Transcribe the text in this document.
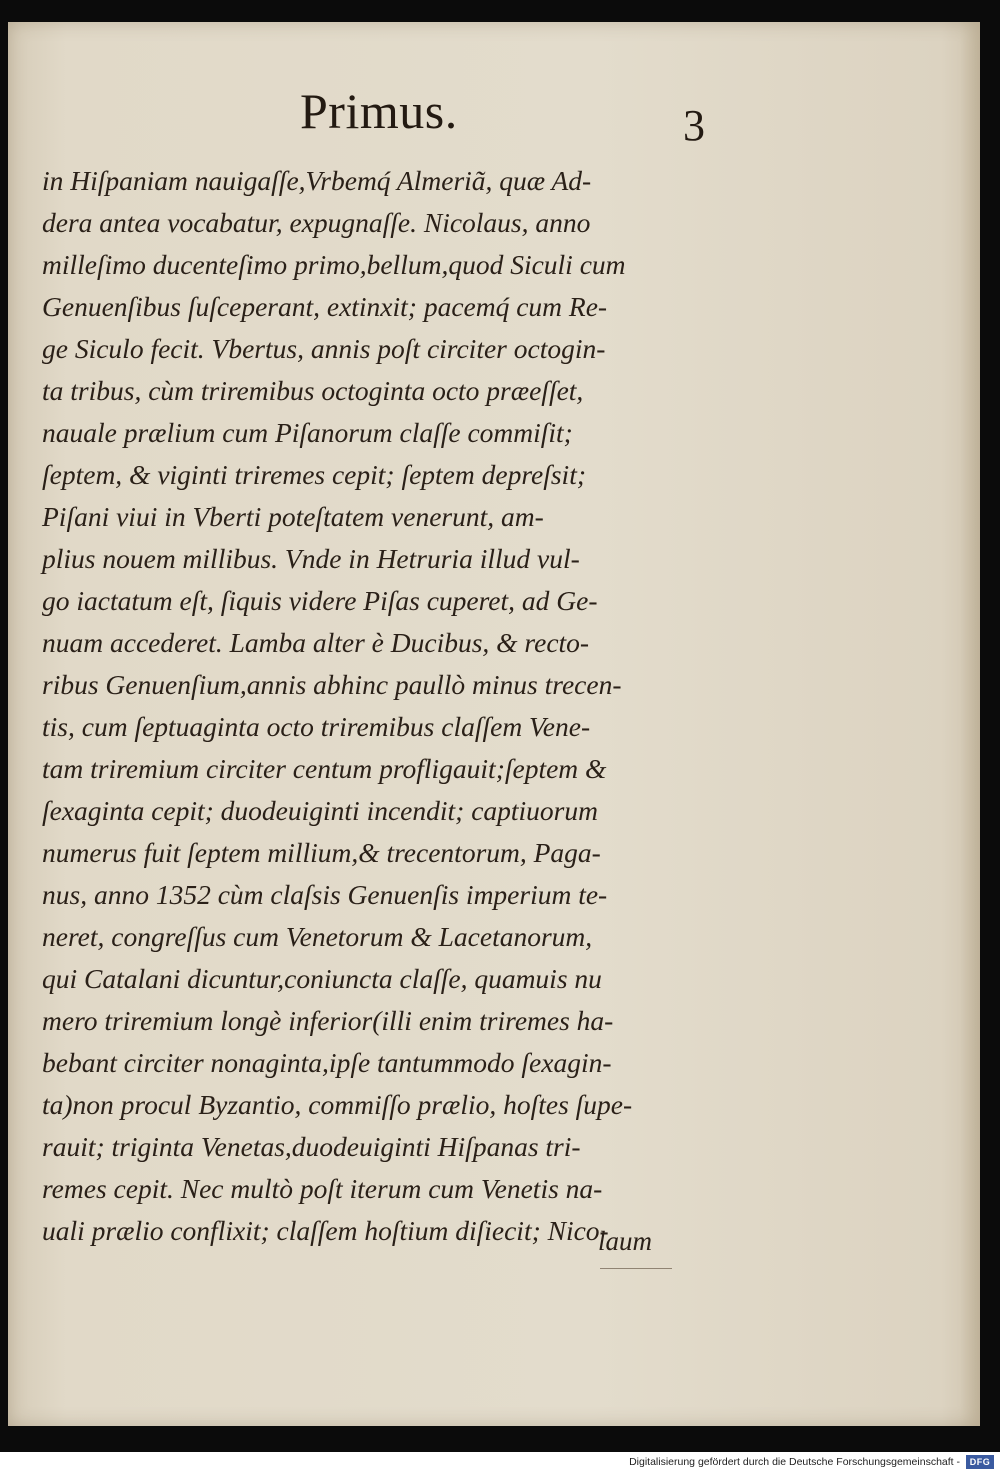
Primus.	3
in Hiſpaniam nauigaſſe,Vrbemq́ Almeriã, quæ Ad-
dera antea vocabatur, expugnaſſe. Nicolaus, anno
milleſimo ducenteſimo primo,bellum,quod Siculi cum
Genuenſibus ſuſceperant, extinxit; pacemq́ cum Re-
ge Siculo fecit. Vbertus, annis poſt circiter octogin-
ta tribus, cùm triremibus octoginta octo præeſſet,
nauale prælium cum Piſanorum claſſe commiſit;
ſeptem, & viginti triremes cepit; ſeptem depreſsit;
Piſani viui in Vberti poteſtatem venerunt, am-
plius nouem millibus. Vnde in Hetruria illud vul-
go iactatum eſt, ſiquis videre Piſas cuperet, ad Ge-
nuam accederet. Lamba alter è Ducibus, & recto-
ribus Genuenſium,annis abhinc paullò minus trecen-
tis, cum ſeptuaginta octo triremibus claſſem Vene-
tam triremium circiter centum profligauit;ſeptem &
ſexaginta cepit; duodeuiginti incendit; captiuorum
numerus fuit ſeptem millium,& trecentorum, Paga-
nus, anno 1352 cùm claſsis Genuenſis imperium te-
neret, congreſſus cum Venetorum & Lacetanorum,
qui Catalani dicuntur,coniuncta claſſe, quamuis nu
mero triremium longè inferior(illi enim triremes ha-
bebant circiter nonaginta,ipſe tantummodo ſexagin-
ta)non procul Byzantio, commiſſo prælio, hoſtes ſupe-
rauit; triginta Venetas,duodeuiginti Hiſpanas tri-
remes cepit. Nec multò poſt iterum cum Venetis na-
uali prælio conflixit; claſſem hoſtium diſiecit; Nico-
laum
Digitalisierung gefördert durch die Deutsche Forschungsgemeinschaft -	DFG
